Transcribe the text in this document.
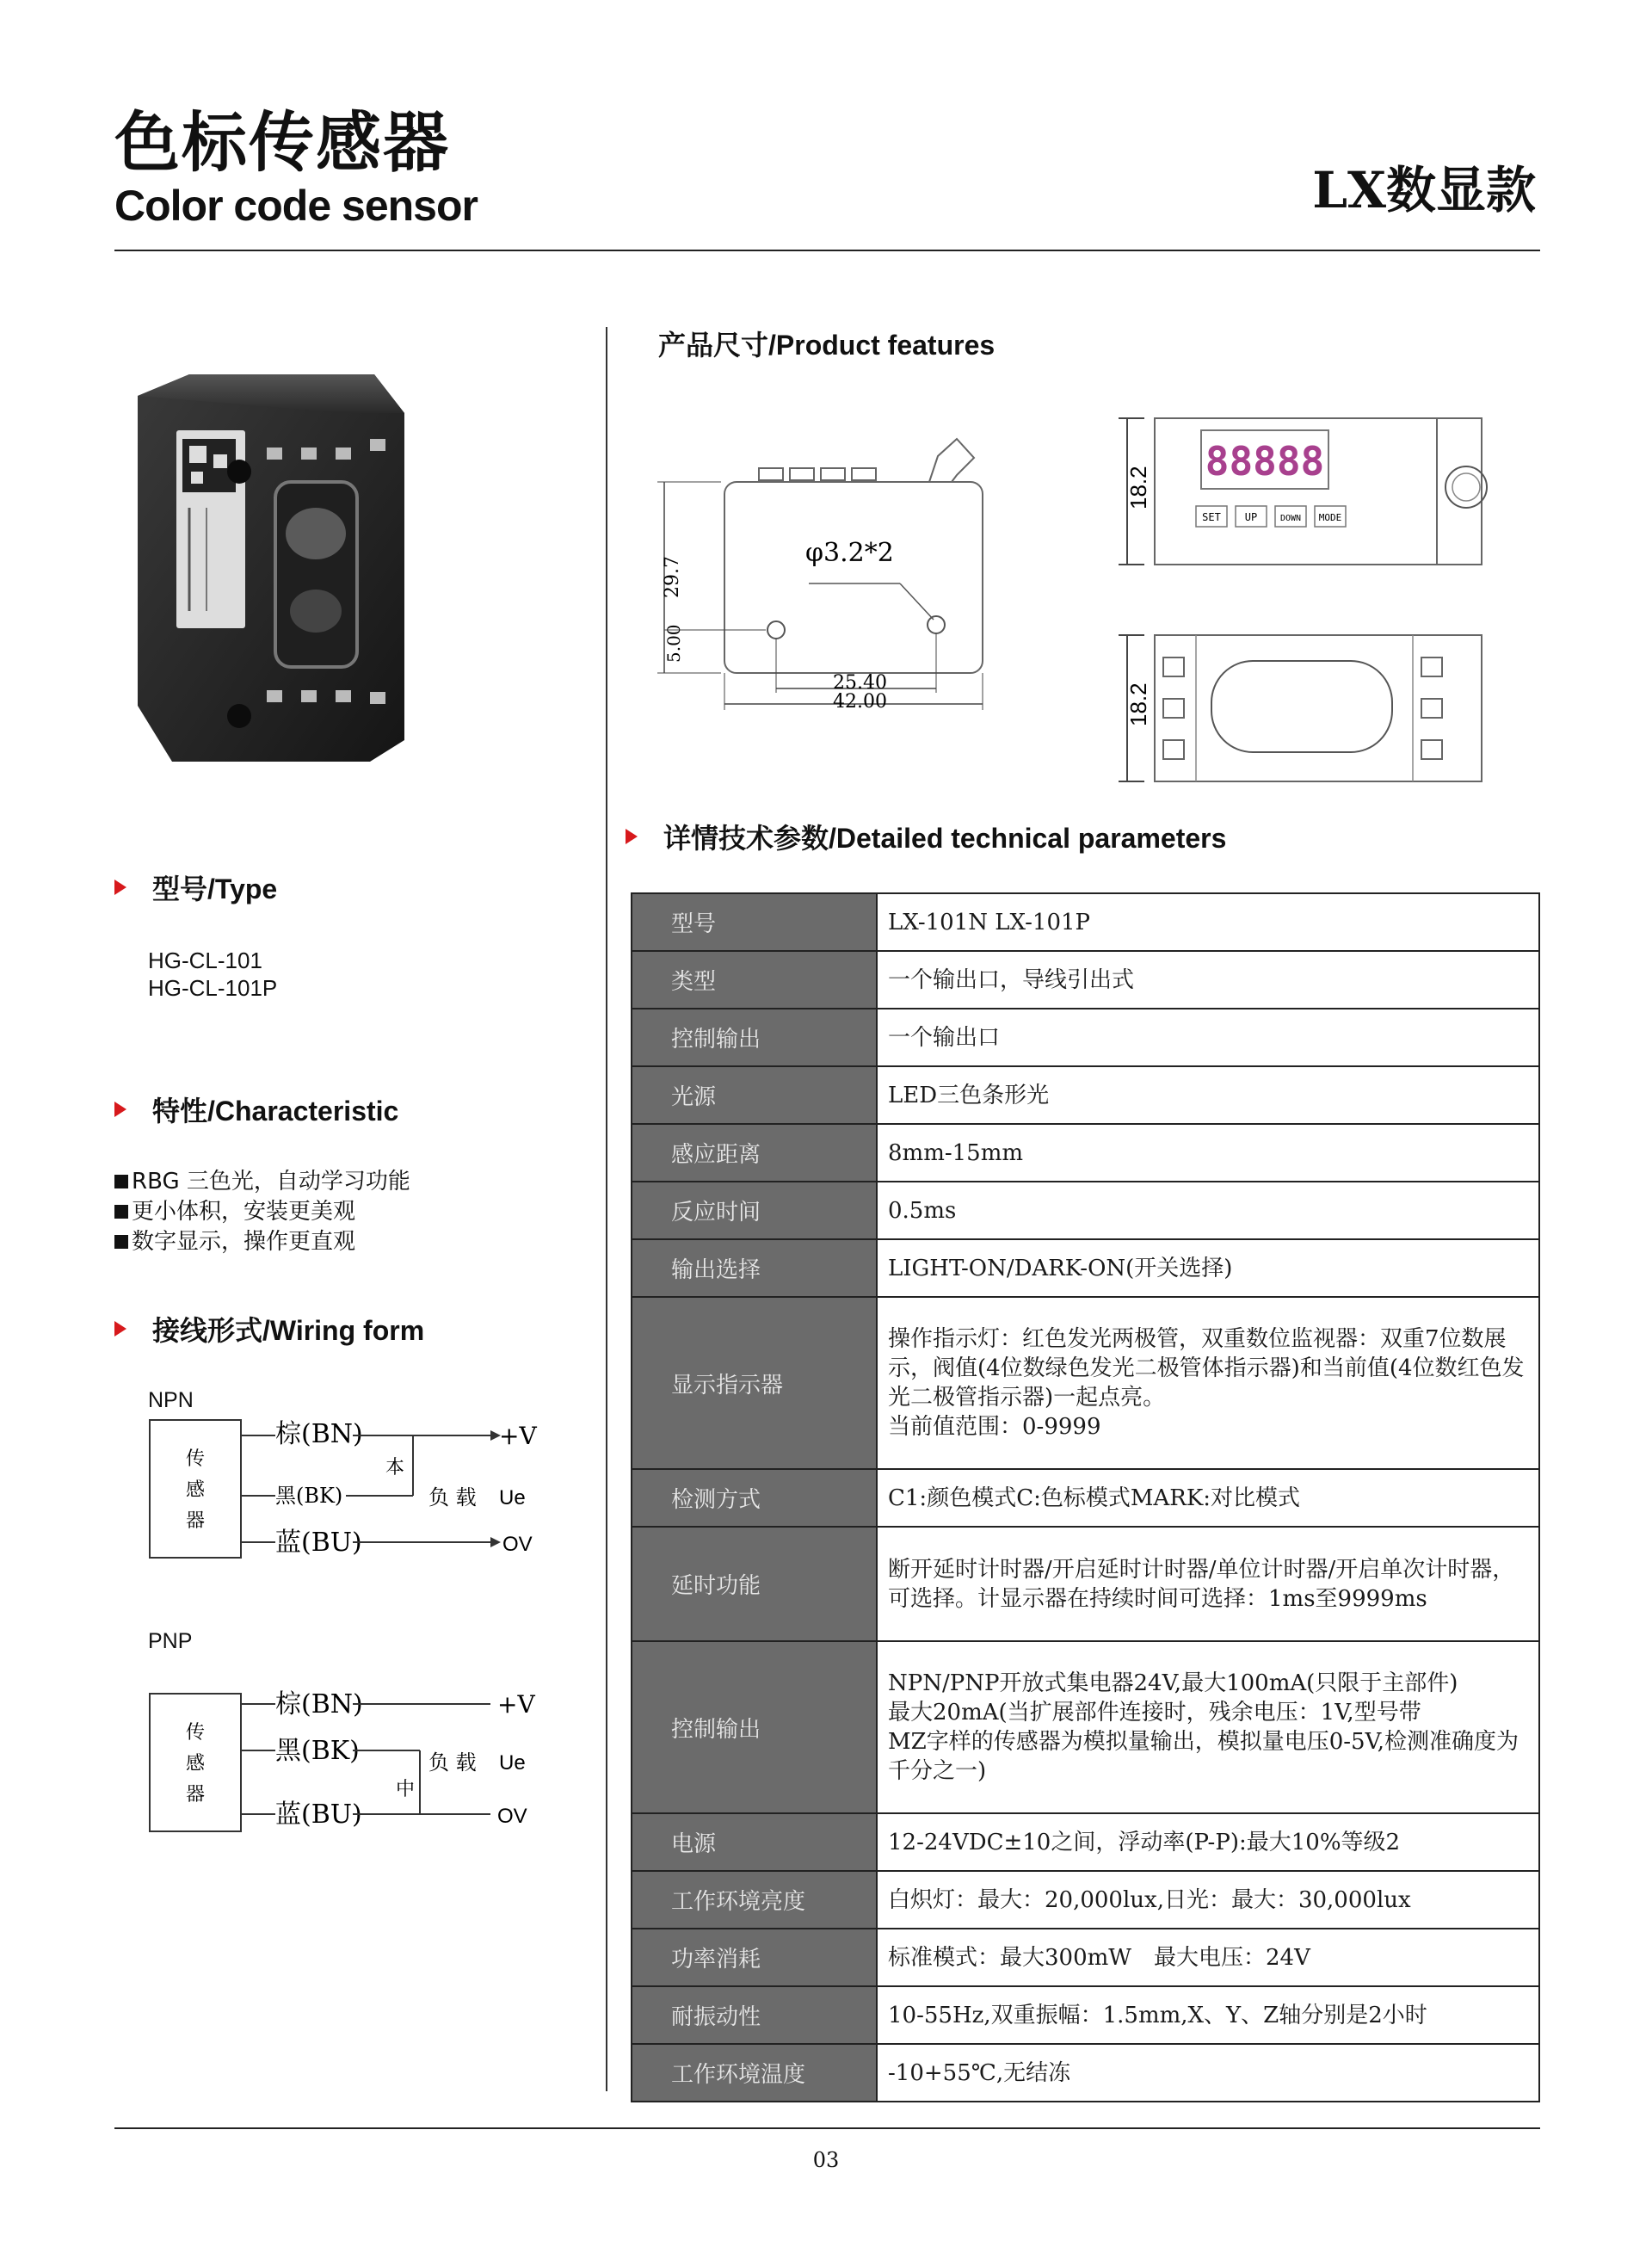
色标传感器
Color code sensor	LX数显款
型号/Type
HG-CL-101
HG-CL-101P
特性/Characteristic
RBG 三色光，自动学习功能
更小体积，安装更美观
数字显示，操作更直观
接线形式/Wiring form
NPN
传
感
器
棕(BN)	+V
黑(BK)
本
负 载 Ue
蓝(BU)	OV
PNP
传
感
器
棕(BN)	+V
黑(BK)
中
负 载 Ue
蓝(BU)	OV
产品尺寸/Product features
φ3.2*2
29.7
5.00
25.40
42.00
18.2
88888
SET UP	DOWN MODE
18.2
详情技术参数/Detailed technical parameters
型号	LX-101N LX-101P
类型	一个输出口，导线引出式
控制输出	一个输出口
光源	LED三色条形光
感应距离	8mm-15mm
反应时间	0.5ms
输出选择	LIGHT-ON/DARK-ON(开关选择)
显示指示器	操作指示灯：红色发光两极管，双重数位监视器：双重7位数展示，阀值(4位数绿色发光二极管体指示器)和当前值(4位数红色发光二极管指示器)一起点亮。
当前值范围：0-9999
检测方式	C1:颜色模式C:色标模式MARK:对比模式
延时功能	断开延时计时器/开启延时计时器/单位计时器/开启单次计时器，可选择。计显示器在持续时间可选择：1ms至9999ms
控制输出	NPN/PNP开放式集电器24V,最大100mA(只限于主部件)
最大20mA(当扩展部件连接时，残余电压：1V,型号带
MZ字样的传感器为模拟量输出，模拟量电压0-5V,检测准确度为千分之一)
电源	12-24VDC±10之间，浮动率(P-P):最大10%等级2
工作环境亮度	白炽灯：最大：20,000lux,日光：最大：30,000lux
功率消耗	标准模式：最大300mW　最大电压：24V
耐振动性	10-55Hz,双重振幅：1.5mm,X、Y、Z轴分别是2小时
工作环境温度	-10+55℃,无结冻
03
